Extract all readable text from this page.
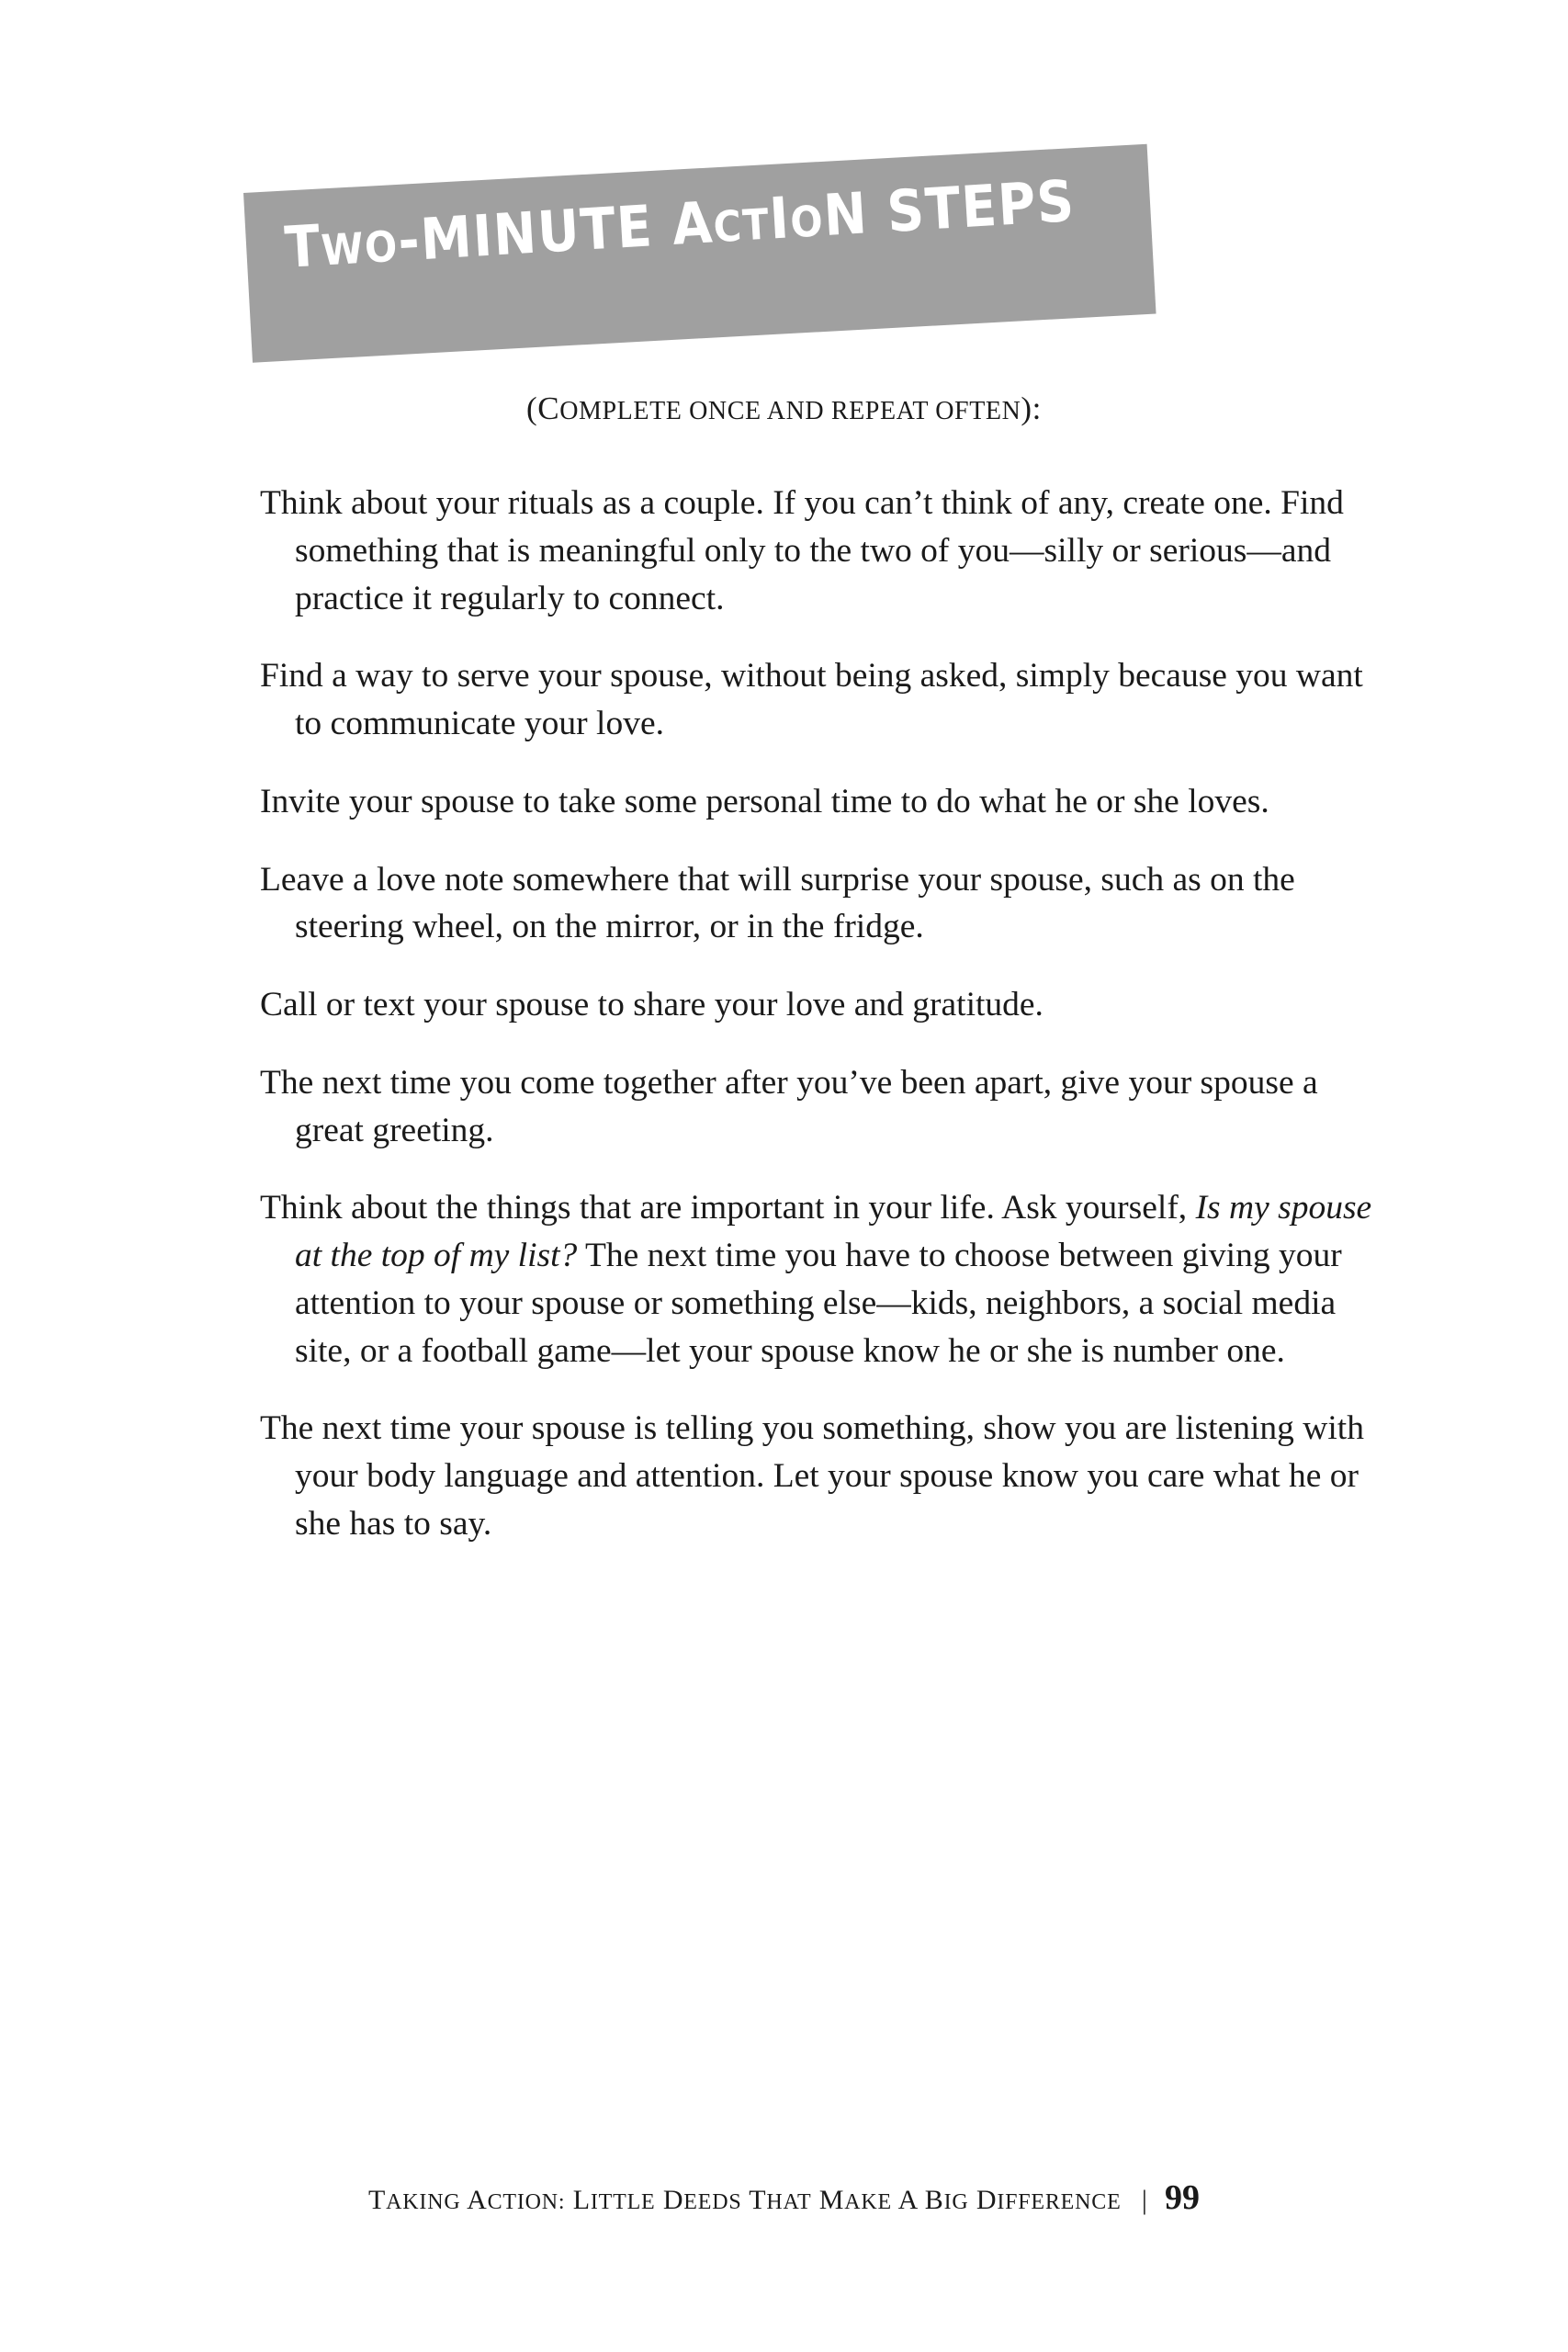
TWO-MINUTE ACTION STEPS
(COMPLETE ONCE AND REPEAT OFTEN):

Think about your rituals as a couple. If you can’t think of any, create one. Find something that is meaningful only to the two of you—silly or serious—and practice it regularly to connect.

Find a way to serve your spouse, without being asked, simply because you want to communicate your love.

Invite your spouse to take some personal time to do what he or she loves.

Leave a love note somewhere that will surprise your spouse, such as on the steering wheel, on the mirror, or in the fridge.

Call or text your spouse to share your love and gratitude.

The next time you come together after you’ve been apart, give your spouse a great greeting.

Think about the things that are important in your life. Ask yourself, Is my spouse at the top of my list? The next time you have to choose between giving your attention to your spouse or something else—kids, neighbors, a social media site, or a football game—let your spouse know he or she is number one.

The next time your spouse is telling you something, show you are listening with your body language and attention. Let your spouse know you care what he or she has to say.

TAKING ACTION: LITTLE DEEDS THAT MAKE A BIG DIFFERENCE | 99
